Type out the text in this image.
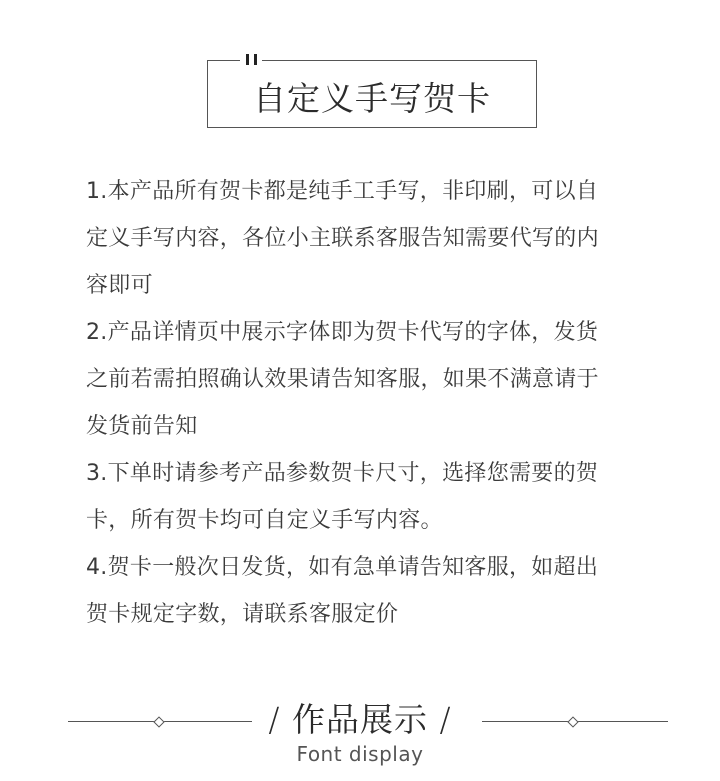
自定义手写贺卡

1.本产品所有贺卡都是纯手工手写，非印刷，可以自

定义手写内容，各位小主联系客服告知需要代写的内

容即可

2.产品详情页中展示字体即为贺卡代写的字体，发货

之前若需拍照确认效果请告知客服，如果不满意请于

发货前告知

3.下单时请参考产品参数贺卡尺寸，选择您需要的贺

卡，所有贺卡均可自定义手写内容。

4.贺卡一般次日发货，如有急单请告知客服，如超出

贺卡规定字数，请联系客服定价

/ 作品展示 /
Font display
